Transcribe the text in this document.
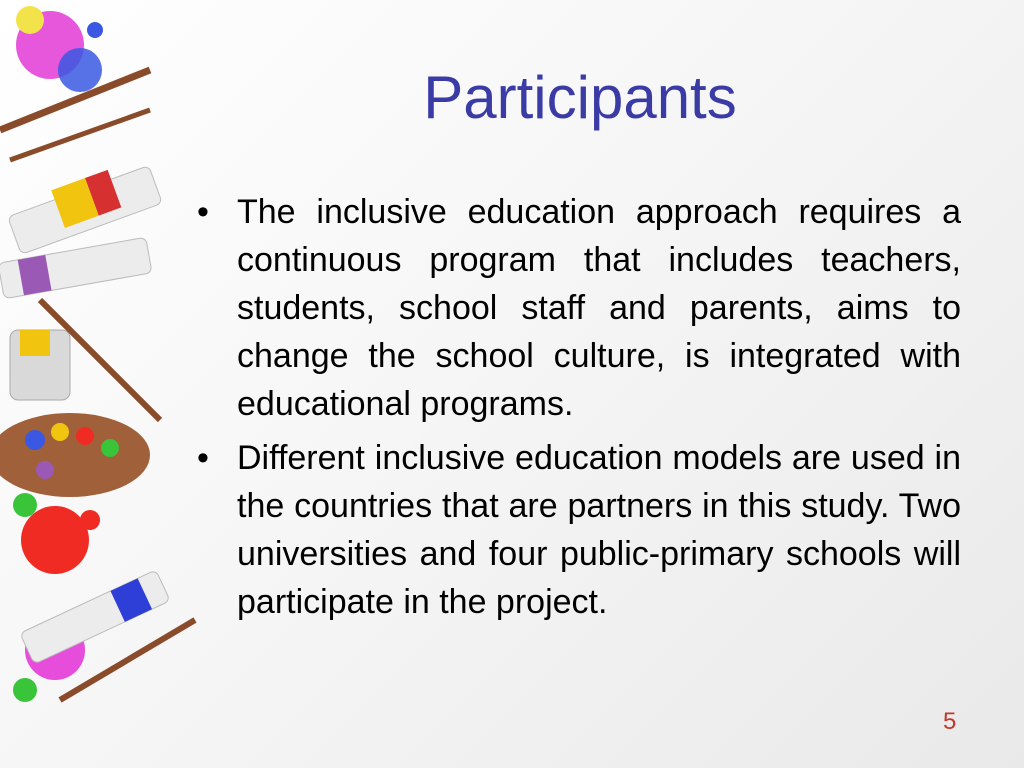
Participants
• The inclusive education approach requires a continuous program that includes teachers, students, school staff and parents, aims to change the school culture, is integrated with educational programs.
• Different inclusive education models are used in the countries that are partners in this study. Two universities and four public-primary schools will participate in the project.
5
